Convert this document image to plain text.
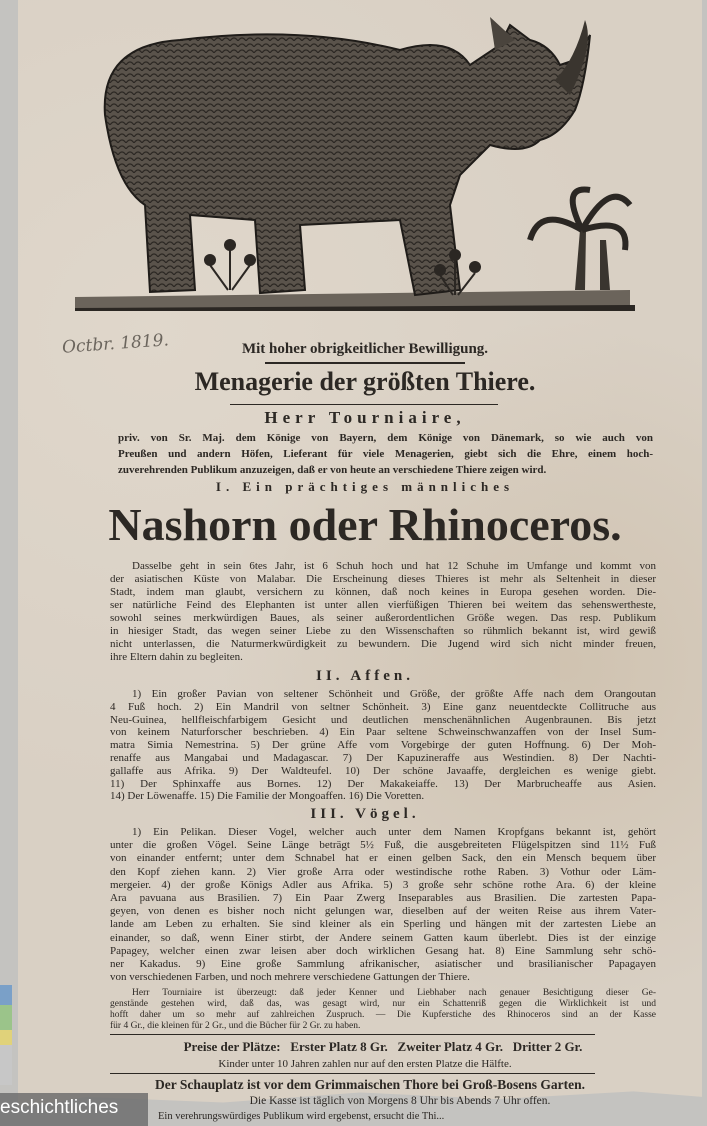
Octbr. 1819.	Mit hoher obrigkeitlicher Bewilligung.
Menagerie der größten Thiere.
Herr Tourniaire,
priv. von Sr. Maj. dem Könige von Bayern, dem Könige von Dänemark, so wie auch von
Preußen und andern Höfen, Lieferant für viele Menagerien, giebt sich die Ehre, einem hoch-
zuverehrenden Publikum anzuzeigen, daß er von heute an verschiedene Thiere zeigen wird.
I. Ein prächtiges männliches
Nashorn oder Rhinoceros.
Dasselbe geht in sein 6tes Jahr, ist 6 Schuh hoch und hat 12 Schuhe im Umfange und kommt von
der asiatischen Küste von Malabar. Die Erscheinung dieses Thieres ist mehr als Seltenheit in dieser
Stadt, indem man glaubt, versichern zu können, daß noch keines in Europa gesehen worden. Die-
ser natürliche Feind des Elephanten ist unter allen vierfüßigen Thieren bei weitem das sehenswertheste,
sowohl seines merkwürdigen Baues, als seiner außerordentlichen Größe wegen. Das resp. Publikum
in hiesiger Stadt, das wegen seiner Liebe zu den Wissenschaften so rühmlich bekannt ist, wird gewiß
nicht unterlassen, die Naturmerkwürdigkeit zu bewundern. Die Jugend wird sich nicht minder freuen,
ihre Eltern dahin zu begleiten.
II. Affen.
1) Ein großer Pavian von seltener Schönheit und Größe, der größte Affe nach dem Orangoutan
4 Fuß hoch. 2) Ein Mandril von seltner Schönheit. 3) Eine ganz neuentdeckte Collitruche aus
Neu-Guinea, hellfleischfarbigem Gesicht und deutlichen menschenähnlichen Augenbraunen. Bis jetzt
von keinem Naturforscher beschrieben. 4) Ein Paar seltene Schweinschwanzaffen von der Insel Sum-
matra Simia Nemestrina. 5) Der grüne Affe vom Vorgebirge der guten Hoffnung. 6) Der Moh-
renaffe aus Mangabai und Madagascar. 7) Der Kapuzineraffe aus Westindien. 8) Der Nachti-
gallaffe aus Afrika. 9) Der Waldteufel. 10) Der schöne Javaaffe, dergleichen es wenige giebt.
11) Der Sphinxaffe aus Bornes. 12) Der Makakeiaffe. 13) Der Marbrucheaffe aus Asien.
14) Der Löwenaffe. 15) Die Familie der Mongoaffen. 16) Die Voretten.
III. Vögel.
1) Ein Pelikan. Dieser Vogel, welcher auch unter dem Namen Kropfgans bekannt ist, gehört
unter die großen Vögel. Seine Länge beträgt 5½ Fuß, die ausgebreiteten Flügelspitzen sind 11½ Fuß
von einander entfernt; unter dem Schnabel hat er einen gelben Sack, den ein Mensch bequem über
den Kopf ziehen kann. 2) Vier große Arra oder westindische rothe Raben. 3) Vothur oder Läm-
mergeier. 4) der große Königs Adler aus Afrika. 5) 3 große sehr schöne rothe Ara. 6) der kleine
Ara pavuana aus Brasilien. 7) Ein Paar Zwerg Inseparables aus Brasilien. Die zartesten Papa-
geyen, von denen es bisher noch nicht gelungen war, dieselben auf der weiten Reise aus ihrem Vater-
lande am Leben zu erhalten. Sie sind kleiner als ein Sperling und hängen mit der zartesten Liebe an
einander, so daß, wenn Einer stirbt, der Andere seinem Gatten kaum überlebt. Dies ist der einzige
Papagey, welcher einen zwar leisen aber doch wirklichen Gesang hat. 8) Eine Sammlung sehr schö-
ner Kakadus. 9) Eine große Sammlung afrikanischer, asiatischer und brasilianischer Papagayen
von verschiedenen Farben, und noch mehrere verschiedene Gattungen der Thiere.
Herr Tourniaire ist überzeugt: daß jeder Kenner und Liebhaber nach genauer Besichtigung dieser Ge-
genstände gestehen wird, daß das, was gesagt wird, nur ein Schattenriß gegen die Wirklichkeit ist und
hofft daher um so mehr auf zahlreichen Zuspruch. — Die Kupferstiche des Rhinoceros sind an der Kasse
für 4 Gr., die kleinen für 2 Gr., und die Bücher für 2 Gr. zu haben.
Preise der Plätze:   Erster Platz 8 Gr.   Zweiter Platz 4 Gr.   Dritter 2 Gr.
Kinder unter 10 Jahren zahlen nur auf den ersten Platze die Hälfte.
Der Schauplatz ist vor dem Grimmaischen Thore bei Groß-Bosens Garten.
Die Kasse ist täglich von Morgens 8 Uhr bis Abends 7 Uhr offen.
Ein verehrungswürdiges Publikum wird ergebenst, ersucht die Thi...
eschichtliches
